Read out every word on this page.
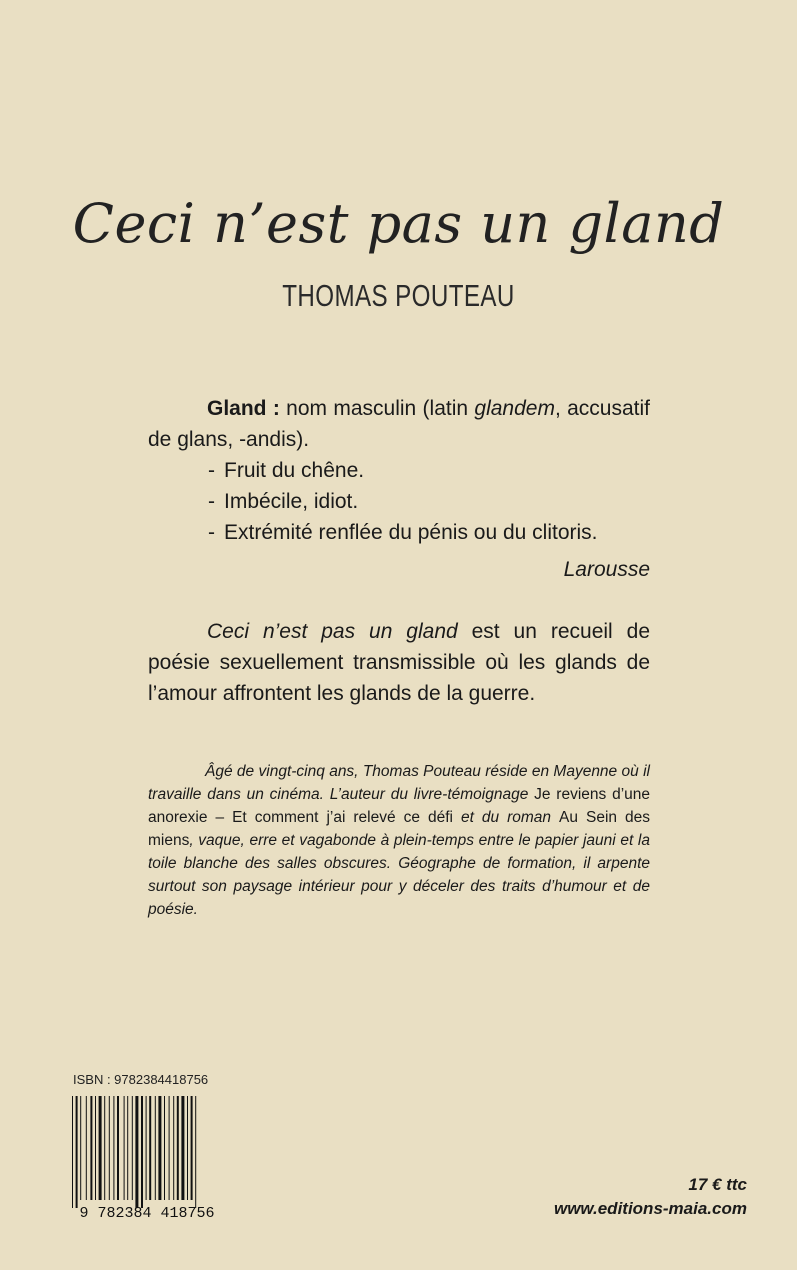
Ceci n’est pas un gland
THOMAS POUTEAU

Gland : nom masculin (latin glandem, accusatif de glans, -andis).

- Fruit du chêne.
- Imbécile, idiot.
- Extrémité renflée du pénis ou du clitoris.
Larousse

Ceci n’est pas un gland est un recueil de poésie sexuellement transmissible où les glands de l’amour affrontent les glands de la guerre.

Âgé de vingt-cinq ans, Thomas Pouteau réside en Mayenne où il travaille dans un cinéma. L’auteur du livre-témoignage Je reviens d’une anorexie – Et comment j’ai relevé ce défi et du roman Au Sein des miens, vaque, erre et vagabonde à plein-temps entre le papier jauni et la toile blanche des salles obscures. Géographe de formation, il arpente surtout son paysage intérieur pour y déceler des traits d’humour et de poésie.

ISBN : 9782384418756
9 782384 418756
17 € ttc
www.editions-maia.com
